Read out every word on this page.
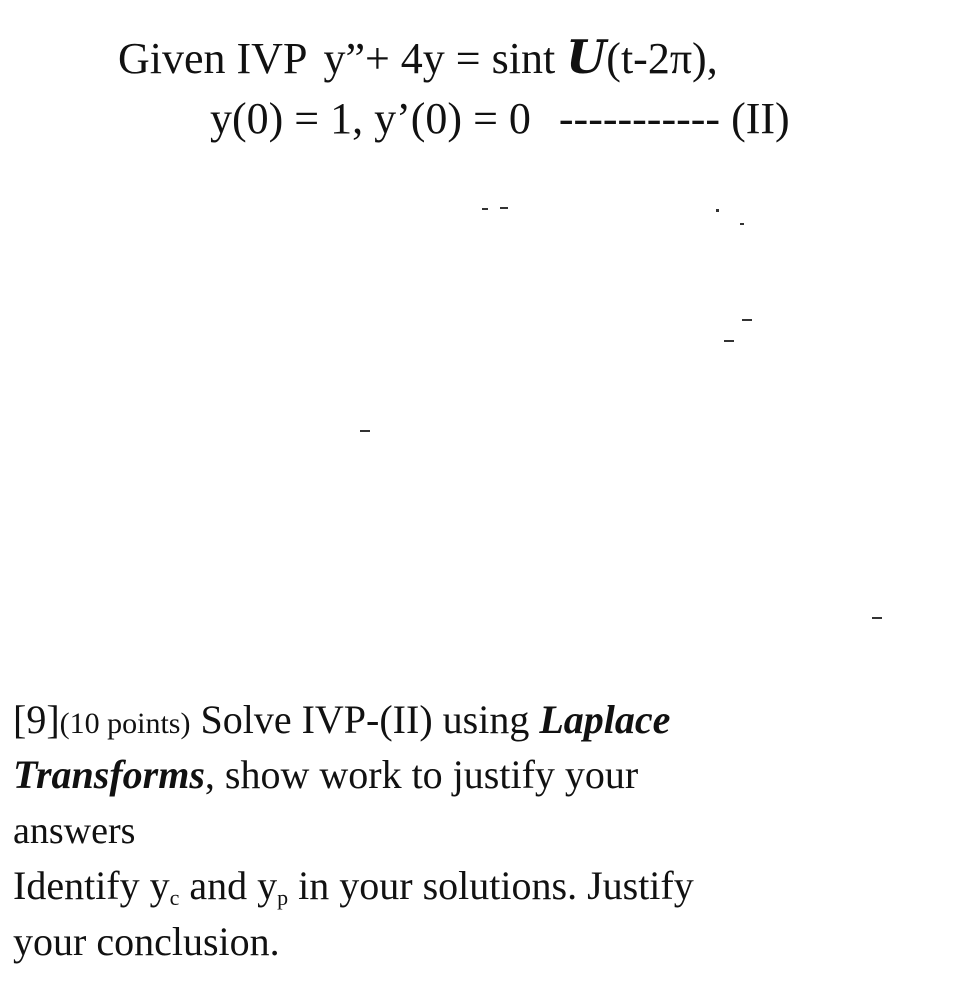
Given IVP y”+ 4y = sint U(t-2π),
y(0) = 1, y’(0) = 0 ----------- (II)
[9](10 points) Solve IVP-(II) using Laplace
Transforms, show work to justify your
answers
Identify $y_c$ and $y_p$ in your solutions. Justify
your conclusion.
